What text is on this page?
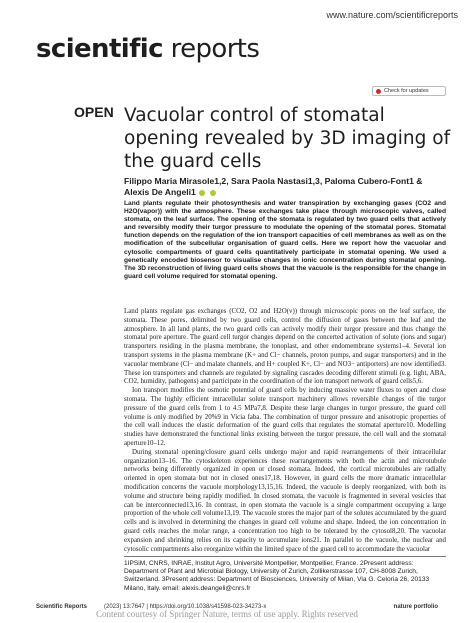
www.nature.com/scientificreports
scientific reports
OPEN
Check for updates
Vacuolar control of stomatal opening revealed by 3D imaging of the guard cells
Filippo Maria Mirasole1,2, Sara Paola Nastasi1,3, Paloma Cubero-Font1 & Alexis De Angeli1
Land plants regulate their photosynthesis and water transpiration by exchanging gases (CO2 and H2O(vapor)) with the atmosphere. These exchanges take place through microscopic valves, called stomata, on the leaf surface. The opening of the stomata is regulated by two guard cells that actively and reversibly modify their turgor pressure to modulate the opening of the stomatal pores. Stomatal function depends on the regulation of the ion transport capacities of cell membranes as well as on the modification of the subcellular organisation of guard cells. Here we report how the vacuolar and cytosolic compartments of guard cells quantitatively participate in stomatal opening. We used a genetically encoded biosensor to visualise changes in ionic concentration during stomatal opening. The 3D reconstruction of living guard cells shows that the vacuole is the responsible for the change in guard cell volume required for stomatal opening.

Land plants regulate gas exchanges (CO2, O2 and H2O(v)) through microscopic pores on the leaf surface, the stomata. These pores, delimited by two guard cells, control the diffusion of gases between the leaf and the atmosphere. In all land plants, the two guard cells can actively modify their turgor pressure and thus change the stomatal pore aperture. The guard cell turgor changes depend on the concerted activation of solute (ions and sugar) transporters residing in the plasma membrane, the tonoplast, and other endomembrane systems1–4. Several ion transport systems in the plasma membrane (K+ and Cl− channels, proton pumps, and sugar transporters) and in the vacuolar membrane (Cl− and malate channels, and H+ coupled K+, Cl− and NO3− antiporters) are now identified3. These ion transporters and channels are regulated by signaling cascades decoding different stimuli (e.g. light, ABA, CO2, humidity, pathogens) and participate in the coordination of the ion transport network of guard cells5,6.

Ion transport modifies the osmotic potential of guard cells by inducing massive water fluxes to open and close stomata. The highly efficient intracellular solute transport machinery allows reversible changes of the turgor pressure of the guard cells from 1 to 4.5 MPa7,8. Despite these large changes in turgor pressure, the guard cell volume is only modified by 20%9 in Vicia faba. The combination of turgor pressure and anisotropic properties of the cell wall induces the elastic deformation of the guard cells that regulates the stomatal aperture10. Modelling studies have demonstrated the functional links existing between the turgor pressure, the cell wall and the stomatal aperture10–12.

During stomatal opening/closure guard cells undergo major and rapid rearrangements of their intracellular organization13–16. The cytoskeleton experiences these rearrangements with both the actin and microtubule networks being differently organized in open or closed stomata. Indeed, the cortical microtubules are radially oriented in open stomata but not in closed ones17,18. However, in guard cells the more dramatic intracellular modification concerns the vacuole morphology13,15,16. Indeed, the vacuole is deeply reorganized, with both its volume and structure being rapidly modified. In closed stomata, the vacuole is fragmented in several vesicles that can be interconnected13,16. In contrast, in open stomata the vacuole is a single compartment occupying a large proportion of the whole cell volume13,19. The vacuole stores the major part of the solutes accumulated by the guard cells and is involved in determining the changes in guard cell volume and shape. Indeed, the ion concentration in guard cells reaches the molar range, a concentration too high to be tolerated by the cytosol8,20. The vacuolar expansion and shrinking relies on its capacity to accumulate ions21. In parallel to the vacuole, the nuclear and cytosolic compartments also reorganize within the limited space of the guard cell to accommodate the vacuolar

1IPSiM, CNRS, INRAE, Institut Agro, Université Montpellier, Montpellier, France. 2Present address: Department of Plant and Microbial Biology, University of Zurich, Zollikerstrasse 107, CH-8008 Zurich, Switzerland. 3Present address: Department of Biosciences, University of Milan, Via G. Celoria 26, 20133 Milano, Italy. email: alexis.deangeli@cnrs.fr
Scientific Reports	(2023) 13:7647 | https://doi.org/10.1038/s41598-023-34273-x	nature portfolio
Content courtesy of Springer Nature, terms of use apply. Rights reserved
